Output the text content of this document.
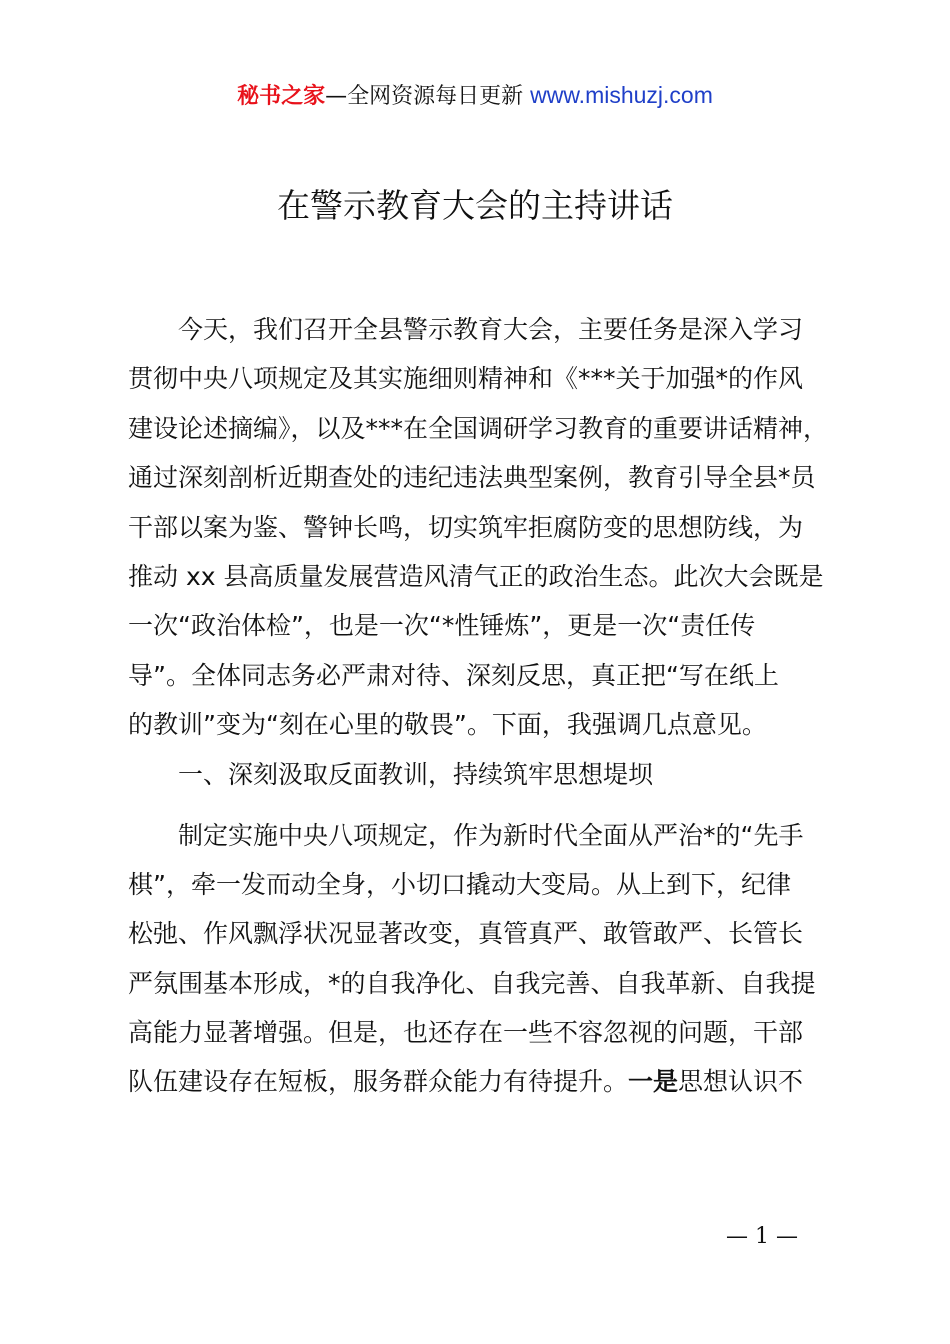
秘书之家—全网资源每日更新 www.mishuzj.com
在警示教育大会的主持讲话
今天，我们召开全县警示教育大会，主要任务是深入学习
贯彻中央八项规定及其实施细则精神和《***关于加强*的作风
建设论述摘编》，以及***在全国调研学习教育的重要讲话精神，
通过深刻剖析近期查处的违纪违法典型案例，教育引导全县*员
干部以案为鉴、警钟长鸣，切实筑牢拒腐防变的思想防线，为
推动 xx 县高质量发展营造风清气正的政治生态。此次大会既是
一次“政治体检”，也是一次“*性锤炼”，更是一次“责任传
导”。全体同志务必严肃对待、深刻反思，真正把“写在纸上
的教训”变为“刻在心里的敬畏”。下面，我强调几点意见。
一、深刻汲取反面教训，持续筑牢思想堤坝
制定实施中央八项规定，作为新时代全面从严治*的“先手
棋”，牵一发而动全身，小切口撬动大变局。从上到下，纪律
松弛、作风飘浮状况显著改变，真管真严、敢管敢严、长管长
严氛围基本形成，*的自我净化、自我完善、自我革新、自我提
高能力显著增强。但是，也还存在一些不容忽视的问题，干部
队伍建设存在短板，服务群众能力有待提升。一是思想认识不
— 1 —
